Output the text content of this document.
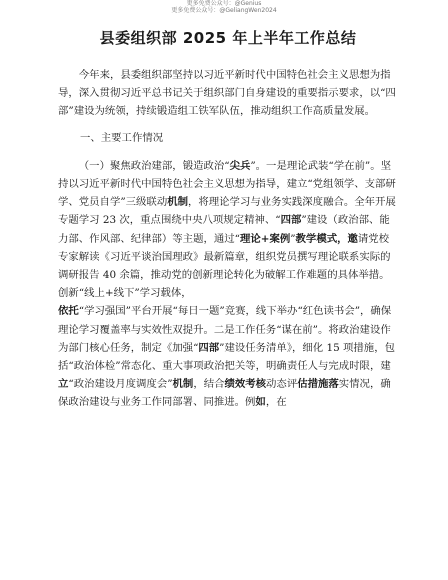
更多免费公众号：@Genius
更多免费公众号：@GeliangWen2024
县委组织部 2025 年上半年工作总结

今年来，县委组织部坚持以习近平新时代中国特色社会主义思想为指导，深入贯彻习近平总书记关于组织部门自身建设的重要指示要求，以“四部”建设为统领，持续锻造组工铁军队伍，推动组织工作高质量发展。

一、主要工作情况

（一）聚焦政治建部，锻造政治“尖兵”。一是理论武装“学在前”。坚持以习近平新时代中国特色社会主义思想为指导，建立“党组领学、支部研学、党员自学”三级联动机制，将理论学习与业务实践深度融合。全年开展专题学习 23 次，重点围绕中央八项规定精神、“四部”建设（政治部、能力部、作风部、纪律部）等主题，通过“理论+案例”教学模式，邀请党校专家解读《习近平谈治国理政》最新篇章，组织党员撰写理论联系实际的调研报告 40 余篇，推动党的创新理论转化为破解工作难题的具体举措。创新“线上+线下”学习载体，

依托“学习强国”平台开展“每日一题”竞赛，线下举办“红色读书会”，确保理论学习覆盖率与实效性双提升。二是工作任务“谋在前”。将政治建设作为部门核心任务，制定《加强“四部”建设任务清单》，细化 15 项措施，包括“政治体检”常态化、重大事项政治把关等，明确责任人与完成时限，建立“政治建设月度调度会”机制，结合绩效考核动态评估措施落实情况，确保政治建设与业务工作同部署、同推进。例如，在
